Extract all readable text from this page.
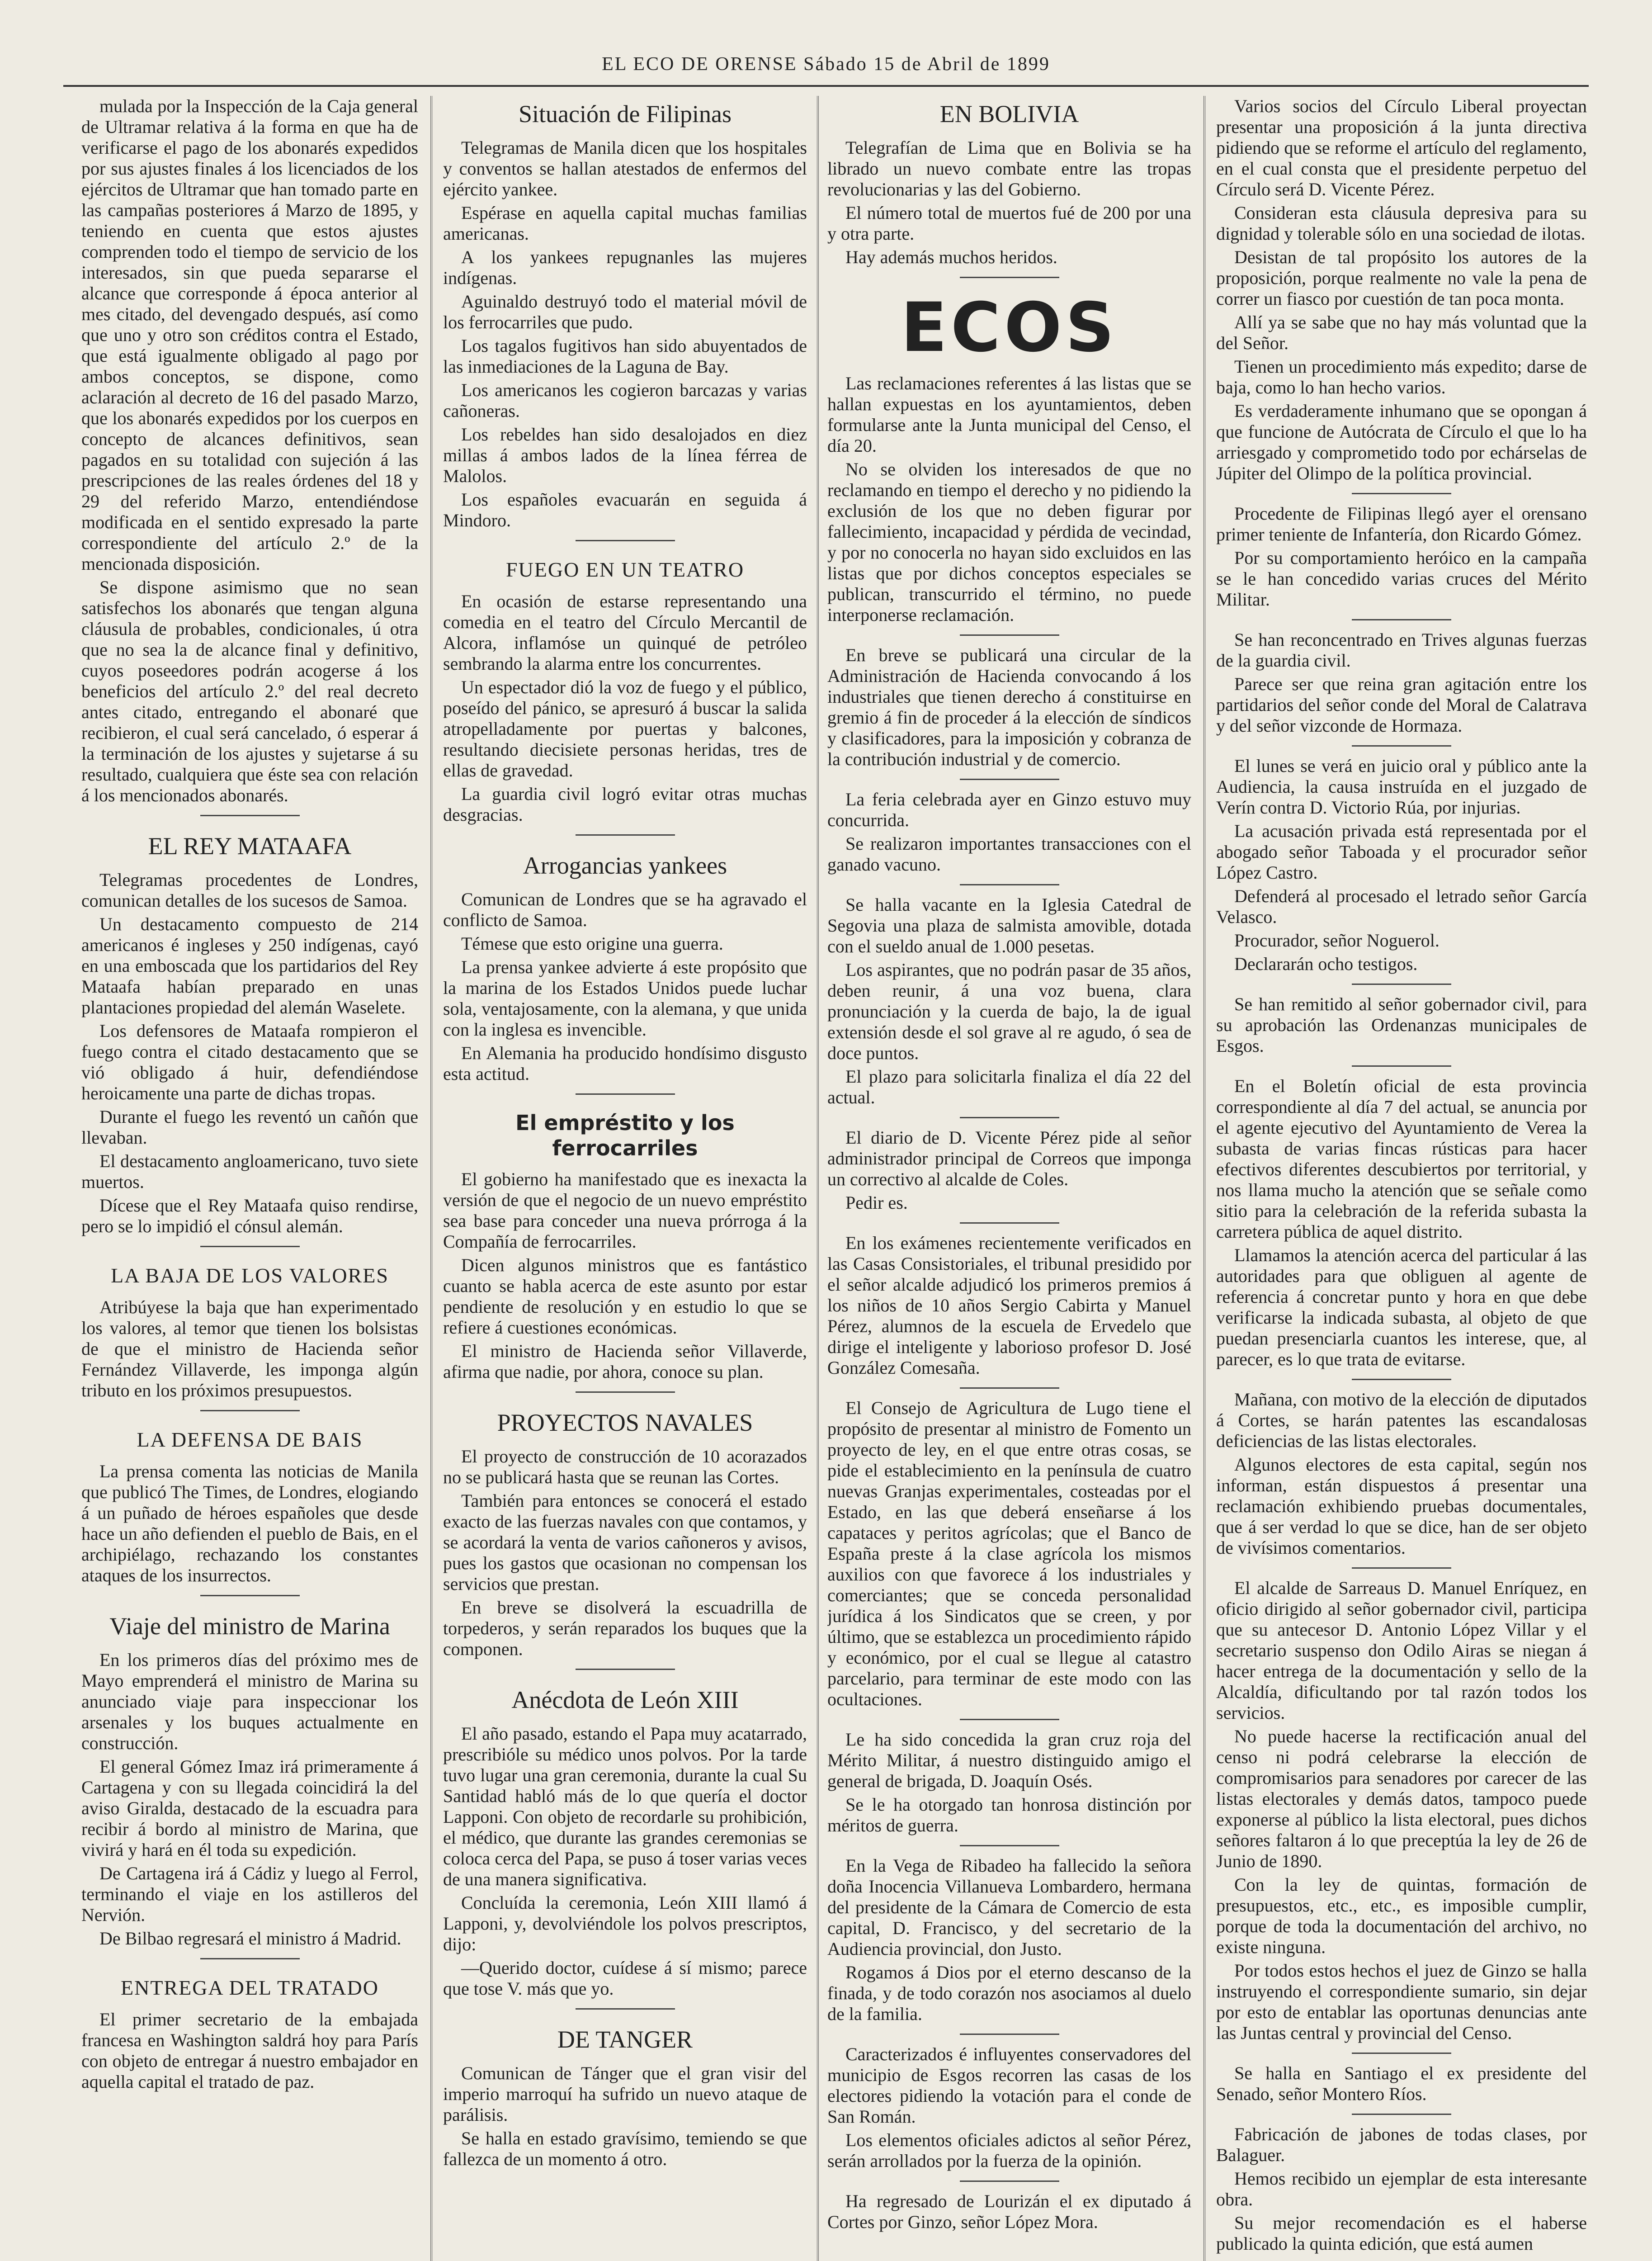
EL ECO DE ORENSE Sábado 15 de Abril de 1899

mulada por la Inspección de la Caja general de Ultramar relativa á la forma en que ha de verificarse el pago de los abonarés expedidos por sus ajustes finales á los licenciados de los ejércitos de Ultramar que han tomado parte en las campañas posteriores á Marzo de 1895, y teniendo en cuenta que estos ajustes comprenden todo el tiempo de servicio de los interesados, sin que pueda separarse el alcance que corresponde á época anterior al mes citado, del devengado después, así como que uno y otro son créditos contra el Estado, que está igualmente obligado al pago por ambos conceptos, se dispone, como aclaración al decreto de 16 del pasado Marzo, que los abonarés expedidos por los cuerpos en concepto de alcances definitivos, sean pagados en su totalidad con sujeción á las prescripciones de las reales órdenes del 18 y 29 del referido Marzo, entendiéndose modificada en el sentido expresado la parte correspondiente del artículo 2.º de la mencionada disposición.

Se dispone asimismo que no sean satisfechos los abonarés que tengan alguna cláusula de probables, condicionales, ú otra que no sea la de alcance final y definitivo, cuyos poseedores podrán acogerse á los beneficios del artículo 2.º del real decreto antes citado, entregando el abonaré que recibieron, el cual será cancelado, ó esperar á la terminación de los ajustes y sujetarse á su resultado, cualquiera que éste sea con relación á los mencionados abonarés.

EL REY MATAAFA

Telegramas procedentes de Londres, comunican detalles de los sucesos de Samoa.

Un destacamento compuesto de 214 americanos é ingleses y 250 indígenas, cayó en una emboscada que los partidarios del Rey Mataafa habían preparado en unas plantaciones propiedad del alemán Waselete.

Los defensores de Mataafa rompieron el fuego contra el citado destacamento que se vió obligado á huir, defendiéndose heroicamente una parte de dichas tropas.

Durante el fuego les reventó un cañón que llevaban.

El destacamento angloamericano, tuvo siete muertos.

Dícese que el Rey Mataafa quiso rendirse, pero se lo impidió el cónsul alemán.

LA BAJA DE LOS VALORES

Atribúyese la baja que han experimentado los valores, al temor que tienen los bolsistas de que el ministro de Hacienda señor Fernández Villaverde, les imponga algún tributo en los próximos presupuestos.

LA DEFENSA DE BAIS

La prensa comenta las noticias de Manila que publicó The Times, de Londres, elogiando á un puñado de héroes españoles que desde hace un año defienden el pueblo de Bais, en el archipiélago, rechazando los constantes ataques de los insurrectos.

Viaje del ministro de Marina

En los primeros días del próximo mes de Mayo emprenderá el ministro de Marina su anunciado viaje para inspeccionar los arsenales y los buques actualmente en construcción.

El general Gómez Imaz irá primeramente á Cartagena y con su llegada coincidirá la del aviso Giralda, destacado de la escuadra para recibir á bordo al ministro de Marina, que vivirá y hará en él toda su expedición.

De Cartagena irá á Cádiz y luego al Ferrol, terminando el viaje en los astilleros del Nervión.

De Bilbao regresará el ministro á Madrid.

ENTREGA DEL TRATADO

El primer secretario de la embajada francesa en Washington saldrá hoy para París con objeto de entregar á nuestro embajador en aquella capital el tratado de paz.

Situación de Filipinas

Telegramas de Manila dicen que los hospitales y conventos se hallan atestados de enfermos del ejército yankee.

Espérase en aquella capital muchas familias americanas.

A los yankees repugnanles las mujeres indígenas.

Aguinaldo destruyó todo el material móvil de los ferrocarriles que pudo.

Los tagalos fugitivos han sido abuyentados de las inmediaciones de la Laguna de Bay.

Los americanos les cogieron barcazas y varias cañoneras.

Los rebeldes han sido desalojados en diez millas á ambos lados de la línea férrea de Malolos.

Los españoles evacuarán en seguida á Mindoro.

FUEGO EN UN TEATRO

En ocasión de estarse representando una comedia en el teatro del Círculo Mercantil de Alcora, inflamóse un quinqué de petróleo sembrando la alarma entre los concurrentes.

Un espectador dió la voz de fuego y el público, poseído del pánico, se apresuró á buscar la salida atropelladamente por puertas y balcones, resultando diecisiete personas heridas, tres de ellas de gravedad.

La guardia civil logró evitar otras muchas desgracias.

Arrogancias yankees

Comunican de Londres que se ha agravado el conflicto de Samoa.

Témese que esto origine una guerra.

La prensa yankee advierte á este propósito que la marina de los Estados Unidos puede luchar sola, ventajosamente, con la alemana, y que unida con la inglesa es invencible.

En Alemania ha producido hondísimo disgusto esta actitud.

El empréstito y los ferrocarriles

El gobierno ha manifestado que es inexacta la versión de que el negocio de un nuevo empréstito sea base para conceder una nueva prórroga á la Compañía de ferrocarriles.

Dicen algunos ministros que es fantástico cuanto se habla acerca de este asunto por estar pendiente de resolución y en estudio lo que se refiere á cuestiones económicas.

El ministro de Hacienda señor Villaverde, afirma que nadie, por ahora, conoce su plan.

PROYECTOS NAVALES

El proyecto de construcción de 10 acorazados no se publicará hasta que se reunan las Cortes.

También para entonces se conocerá el estado exacto de las fuerzas navales con que contamos, y se acordará la venta de varios cañoneros y avisos, pues los gastos que ocasionan no compensan los servicios que prestan.

En breve se disolverá la escuadrilla de torpederos, y serán reparados los buques que la componen.

Anécdota de León XIII

El año pasado, estando el Papa muy acatarrado, prescribióle su médico unos polvos. Por la tarde tuvo lugar una gran ceremonia, durante la cual Su Santidad habló más de lo que quería el doctor Lapponi. Con objeto de recordarle su prohibición, el médico, que durante las grandes ceremonias se coloca cerca del Papa, se puso á toser varias veces de una manera significativa.

Concluída la ceremonia, León XIII llamó á Lapponi, y, devolviéndole los polvos prescriptos, dijo:

—Querido doctor, cuídese á sí mismo; parece que tose V. más que yo.

DE TANGER

Comunican de Tánger que el gran visir del imperio marroquí ha sufrido un nuevo ataque de parálisis.

Se halla en estado gravísimo, temiendo se que fallezca de un momento á otro.

EN BOLIVIA

Telegrafían de Lima que en Bolivia se ha librado un nuevo combate entre las tropas revolucionarias y las del Gobierno.

El número total de muertos fué de 200 por una y otra parte.

Hay además muchos heridos.

ECOS

Las reclamaciones referentes á las listas que se hallan expuestas en los ayuntamientos, deben formularse ante la Junta municipal del Censo, el día 20.

No se olviden los interesados de que no reclamando en tiempo el derecho y no pidiendo la exclusión de los que no deben figurar por fallecimiento, incapacidad y pérdida de vecindad, y por no conocerla no hayan sido excluidos en las listas que por dichos conceptos especiales se publican, transcurrido el término, no puede interponerse reclamación.

En breve se publicará una circular de la Administración de Hacienda convocando á los industriales que tienen derecho á constituirse en gremio á fin de proceder á la elección de síndicos y clasificadores, para la imposición y cobranza de la contribución industrial y de comercio.

La feria celebrada ayer en Ginzo estuvo muy concurrida.

Se realizaron importantes transacciones con el ganado vacuno.

Se halla vacante en la Iglesia Catedral de Segovia una plaza de salmista amovible, dotada con el sueldo anual de 1.000 pesetas.

Los aspirantes, que no podrán pasar de 35 años, deben reunir, á una voz buena, clara pronunciación y la cuerda de bajo, la de igual extensión desde el sol grave al re agudo, ó sea de doce puntos.

El plazo para solicitarla finaliza el día 22 del actual.

El diario de D. Vicente Pérez pide al señor administrador principal de Correos que imponga un correctivo al alcalde de Coles.

Pedir es.

En los exámenes recientemente verificados en las Casas Consistoriales, el tribunal presidido por el señor alcalde adjudicó los primeros premios á los niños de 10 años Sergio Cabirta y Manuel Pérez, alumnos de la escuela de Ervedelo que dirige el inteligente y laborioso profesor D. José González Comesaña.

El Consejo de Agricultura de Lugo tiene el propósito de presentar al ministro de Fomento un proyecto de ley, en el que entre otras cosas, se pide el establecimiento en la península de cuatro nuevas Granjas experimentales, costeadas por el Estado, en las que deberá enseñarse á los capataces y peritos agrícolas; que el Banco de España preste á la clase agrícola los mismos auxilios con que favorece á los industriales y comerciantes; que se conceda personalidad jurídica á los Sindicatos que se creen, y por último, que se establezca un procedimiento rápido y económico, por el cual se llegue al catastro parcelario, para terminar de este modo con las ocultaciones.

Le ha sido concedida la gran cruz roja del Mérito Militar, á nuestro distinguido amigo el general de brigada, D. Joaquín Osés.

Se le ha otorgado tan honrosa distinción por méritos de guerra.

En la Vega de Ribadeo ha fallecido la señora doña Inocencia Villanueva Lombardero, hermana del presidente de la Cámara de Comercio de esta capital, D. Francisco, y del secretario de la Audiencia provincial, don Justo.

Rogamos á Dios por el eterno descanso de la finada, y de todo corazón nos asociamos al duelo de la familia.

Caracterizados é influyentes conservadores del municipio de Esgos recorren las casas de los electores pidiendo la votación para el conde de San Román.

Los elementos oficiales adictos al señor Pérez, serán arrollados por la fuerza de la opinión.

Ha regresado de Lourizán el ex diputado á Cortes por Ginzo, señor López Mora.

Varios socios del Círculo Liberal proyectan presentar una proposición á la junta directiva pidiendo que se reforme el artículo del reglamento, en el cual consta que el presidente perpetuo del Círculo será D. Vicente Pérez.

Consideran esta cláusula depresiva para su dignidad y tolerable sólo en una sociedad de ilotas.

Desistan de tal propósito los autores de la proposición, porque realmente no vale la pena de correr un fiasco por cuestión de tan poca monta.

Allí ya se sabe que no hay más voluntad que la del Señor.

Tienen un procedimiento más expedito; darse de baja, como lo han hecho varios.

Es verdaderamente inhumano que se opongan á que funcione de Autócrata de Círculo el que lo ha arriesgado y comprometido todo por echárselas de Júpiter del Olimpo de la política provincial.

Procedente de Filipinas llegó ayer el orensano primer teniente de Infantería, don Ricardo Gómez.

Por su comportamiento heróico en la campaña se le han concedido varias cruces del Mérito Militar.

Se han reconcentrado en Trives algunas fuerzas de la guardia civil.

Parece ser que reina gran agitación entre los partidarios del señor conde del Moral de Calatrava y del señor vizconde de Hormaza.

El lunes se verá en juicio oral y público ante la Audiencia, la causa instruída en el juzgado de Verín contra D. Victorio Rúa, por injurias.

La acusación privada está representada por el abogado señor Taboada y el procurador señor López Castro.

Defenderá al procesado el letrado señor García Velasco.

Procurador, señor Noguerol.

Declararán ocho testigos.

Se han remitido al señor gobernador civil, para su aprobación las Ordenanzas municipales de Esgos.

En el Boletín oficial de esta provincia correspondiente al día 7 del actual, se anuncia por el agente ejecutivo del Ayuntamiento de Verea la subasta de varias fincas rústicas para hacer efectivos diferentes descubiertos por territorial, y nos llama mucho la atención que se señale como sitio para la celebración de la referida subasta la carretera pública de aquel distrito.

Llamamos la atención acerca del particular á las autoridades para que obliguen al agente de referencia á concretar punto y hora en que debe verificarse la indicada subasta, al objeto de que puedan presenciarla cuantos les interese, que, al parecer, es lo que trata de evitarse.

Mañana, con motivo de la elección de diputados á Cortes, se harán patentes las escandalosas deficiencias de las listas electorales.

Algunos electores de esta capital, según nos informan, están dispuestos á presentar una reclamación exhibiendo pruebas documentales, que á ser verdad lo que se dice, han de ser objeto de vivísimos comentarios.

El alcalde de Sarreaus D. Manuel Enríquez, en oficio dirigido al señor gobernador civil, participa que su antecesor D. Antonio López Villar y el secretario suspenso don Odilo Airas se niegan á hacer entrega de la documentación y sello de la Alcaldía, dificultando por tal razón todos los servicios.

No puede hacerse la rectificación anual del censo ni podrá celebrarse la elección de compromisarios para senadores por carecer de las listas electorales y demás datos, tampoco puede exponerse al público la lista electoral, pues dichos señores faltaron á lo que preceptúa la ley de 26 de Junio de 1890.

Con la ley de quintas, formación de presupuestos, etc., etc., es imposible cumplir, porque de toda la documentación del archivo, no existe ninguna.

Por todos estos hechos el juez de Ginzo se halla instruyendo el correspondiente sumario, sin dejar por esto de entablar las oportunas denuncias ante las Juntas central y provincial del Censo.

Se halla en Santiago el ex presidente del Senado, señor Montero Ríos.

Fabricación de jabones de todas clases, por Balaguer.

Hemos recibido un ejemplar de esta interesante obra.

Su mejor recomendación es el haberse publicado la quinta edición, que está aumen
